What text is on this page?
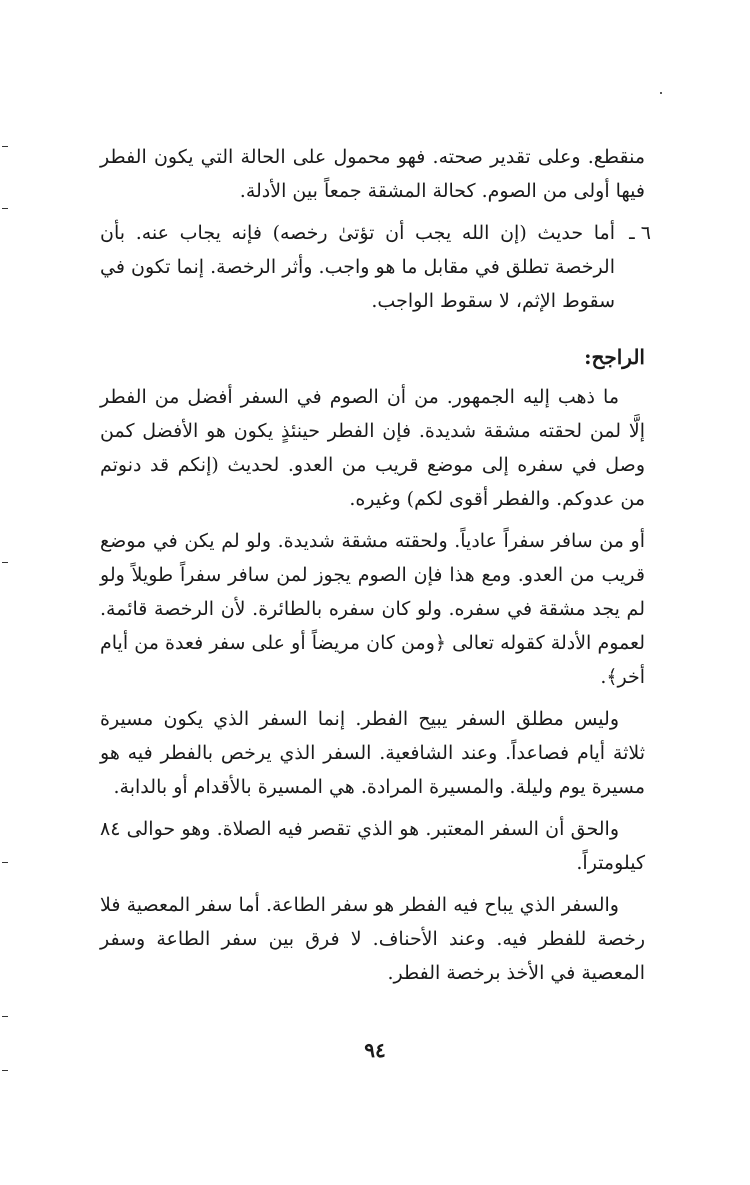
منقطع. وعلى تقدير صحته. فهو محمول على الحالة التي يكون الفطر فيها أولى من الصوم. كحالة المشقة جمعاً بين الأدلة.

٦ ـ
أما حديث (إن الله يجب أن تؤتىٰ رخصه) فإنه يجاب عنه. بأن الرخصة تطلق في مقابل ما هو واجب. وأثر الرخصة. إنما تكون في سقوط الإثم، لا سقوط الواجب.
الراجح:

ما ذهب إليه الجمهور. من أن الصوم في السفر أفضل من الفطر إلَّا لمن لحقته مشقة شديدة. فإن الفطر حينئذٍ يكون هو الأفضل كمن وصل في سفره إلى موضع قريب من العدو. لحديث (إنكم قد دنوتم من عدوكم. والفطر أقوى لكم) وغيره.

أو من سافر سفراً عادياً. ولحقته مشقة شديدة. ولو لم يكن في موضع قريب من العدو. ومع هذا فإن الصوم يجوز لمن سافر سفراً طويلاً ولو لم يجد مشقة في سفره. ولو كان سفره بالطائرة. لأن الرخصة قائمة. لعموم الأدلة كقوله تعالى ﴿ومن كان مريضاً أو على سفر فعدة من أيام أخر﴾.

وليس مطلق السفر يبيح الفطر. إنما السفر الذي يكون مسيرة ثلاثة أيام فصاعداً. وعند الشافعية. السفر الذي يرخص بالفطر فيه هو مسيرة يوم وليلة. والمسيرة المرادة. هي المسيرة بالأقدام أو بالدابة.

والحق أن السفر المعتبر. هو الذي تقصر فيه الصلاة. وهو حوالى ٨٤ كيلومتراً.

والسفر الذي يباح فيه الفطر هو سفر الطاعة. أما سفر المعصية فلا رخصة للفطر فيه. وعند الأحناف. لا فرق بين سفر الطاعة وسفر المعصية في الأخذ برخصة الفطر.

٩٤
